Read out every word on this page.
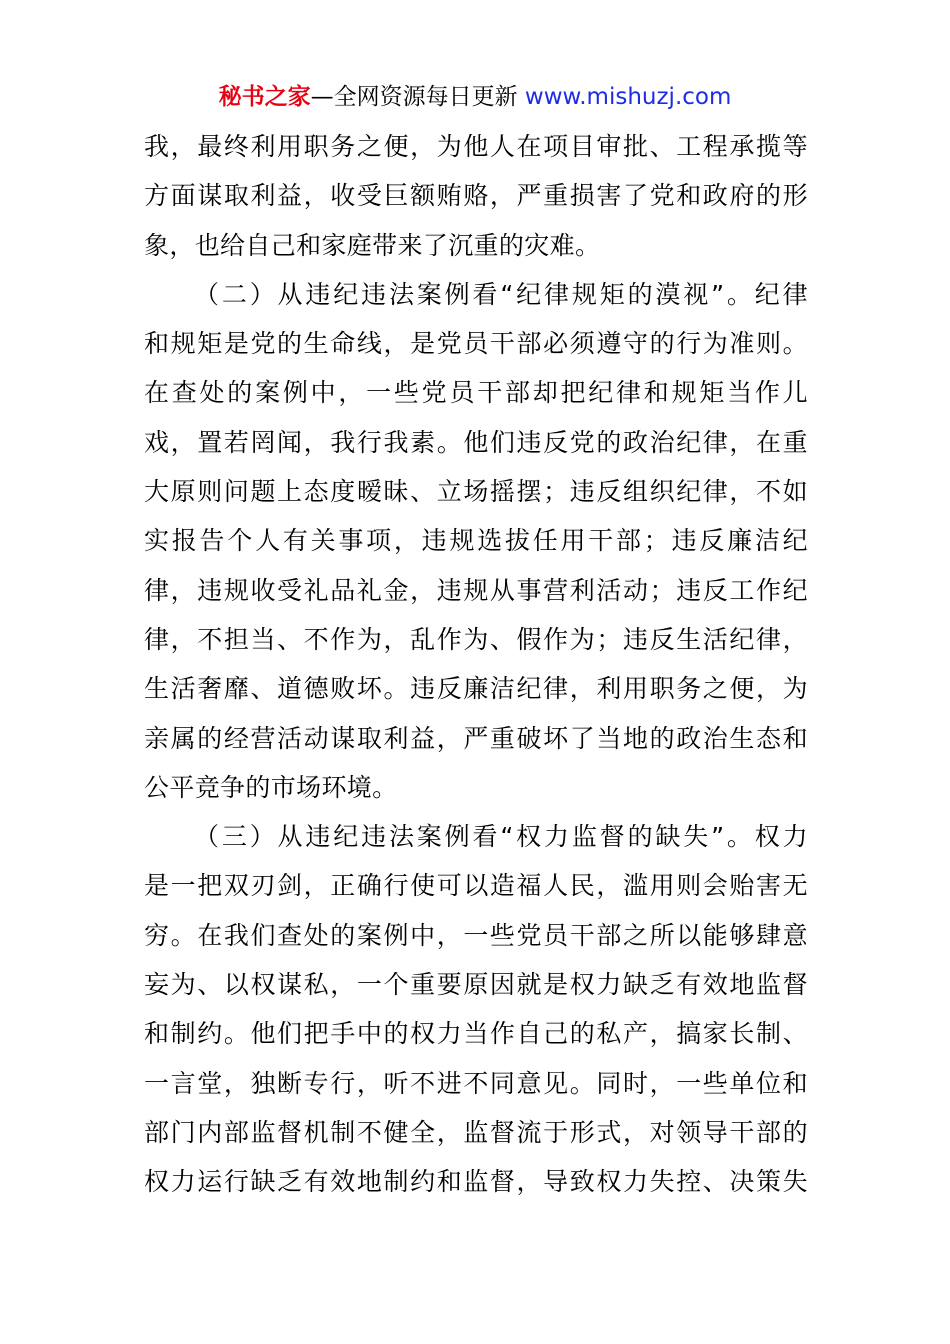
秘书之家—全网资源每日更新 www.mishuzj.com
我，最终利用职务之便，为他人在项目审批、工程承揽等
方面谋取利益，收受巨额贿赂，严重损害了党和政府的形
象，也给自己和家庭带来了沉重的灾难。
（二）从违纪违法案例看“纪律规矩的漠视”。纪律
和规矩是党的生命线，是党员干部必须遵守的行为准则。
在查处的案例中，一些党员干部却把纪律和规矩当作儿
戏，置若罔闻，我行我素。他们违反党的政治纪律，在重
大原则问题上态度暧昧、立场摇摆；违反组织纪律，不如
实报告个人有关事项，违规选拔任用干部；违反廉洁纪
律，违规收受礼品礼金，违规从事营利活动；违反工作纪
律，不担当、不作为，乱作为、假作为；违反生活纪律，
生活奢靡、道德败坏。违反廉洁纪律，利用职务之便，为
亲属的经营活动谋取利益，严重破坏了当地的政治生态和
公平竞争的市场环境。
（三）从违纪违法案例看“权力监督的缺失”。权力
是一把双刃剑，正确行使可以造福人民，滥用则会贻害无
穷。在我们查处的案例中，一些党员干部之所以能够肆意
妄为、以权谋私，一个重要原因就是权力缺乏有效地监督
和制约。他们把手中的权力当作自己的私产，搞家长制、
一言堂，独断专行，听不进不同意见。同时，一些单位和
部门内部监督机制不健全，监督流于形式，对领导干部的
权力运行缺乏有效地制约和监督，导致权力失控、决策失
